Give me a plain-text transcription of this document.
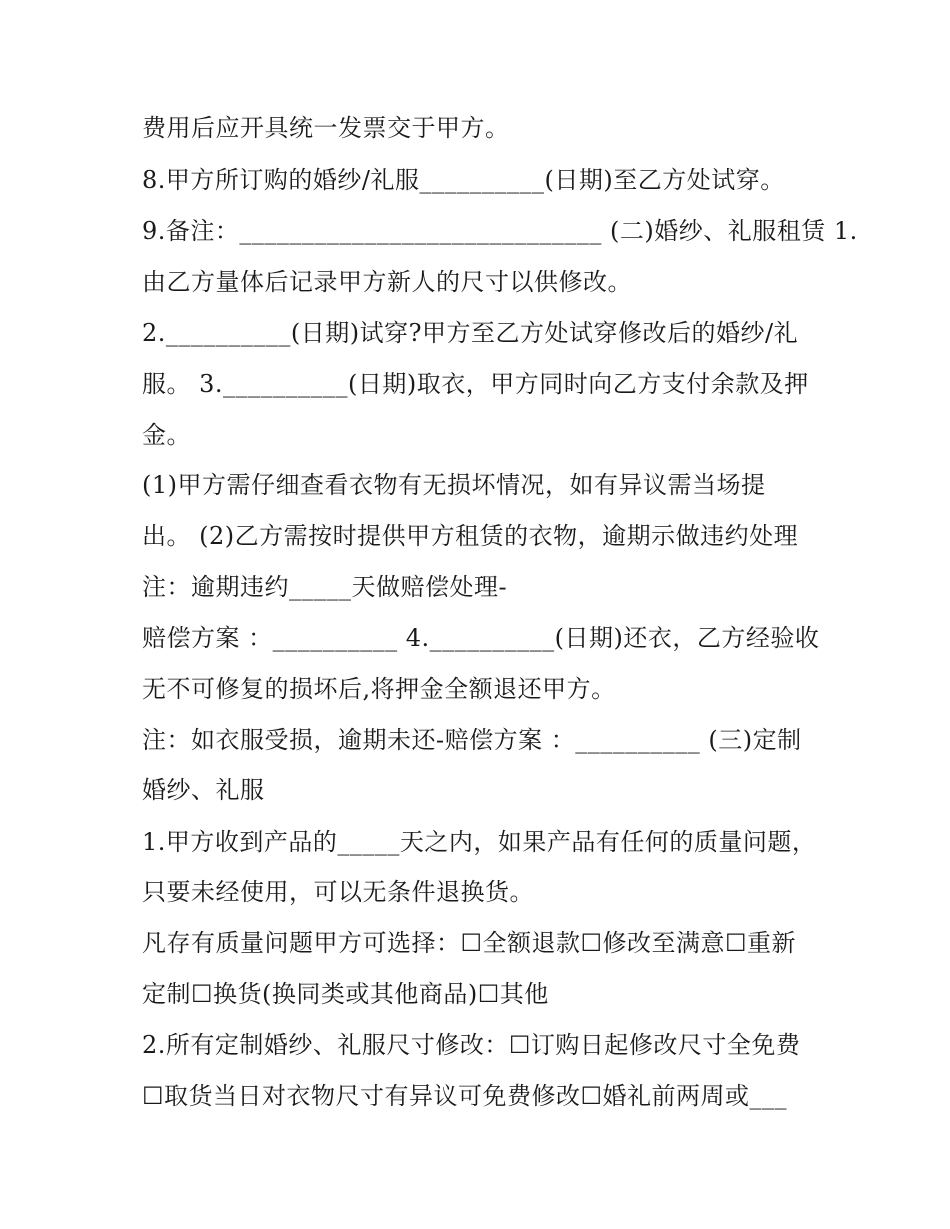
费用后应开具统一发票交于甲方。
8.甲方所订购的婚纱/礼服__________(日期)至乙方处试穿。
9.备注：_____________________________ (二)婚纱、礼服租赁 1.
由乙方量体后记录甲方新人的尺寸以供修改。
2.__________(日期)试穿?甲方至乙方处试穿修改后的婚纱/礼
服。 3.__________(日期)取衣，甲方同时向乙方支付余款及押
金。
(1)甲方需仔细查看衣物有无损坏情况，如有异议需当场提
出。 (2)乙方需按时提供甲方租赁的衣物，逾期示做违约处理
注：逾期违约_____天做赔偿处理-
赔偿方案 ：__________ 4.__________(日期)还衣，乙方经验收
无不可修复的损坏后,将押金全额退还甲方。
注：如衣服受损，逾期未还-赔偿方案 ：__________ (三)定制
婚纱、礼服
1.甲方收到产品的_____天之内，如果产品有任何的质量问题，
只要未经使用，可以无条件退换货。
凡存有质量问题甲方可选择：☐全额退款☐修改至满意☐重新
定制☐换货(换同类或其他商品)☐其他
2.所有定制婚纱、礼服尺寸修改：☐订购日起修改尺寸全免费
☐取货当日对衣物尺寸有异议可免费修改☐婚礼前两周或___
